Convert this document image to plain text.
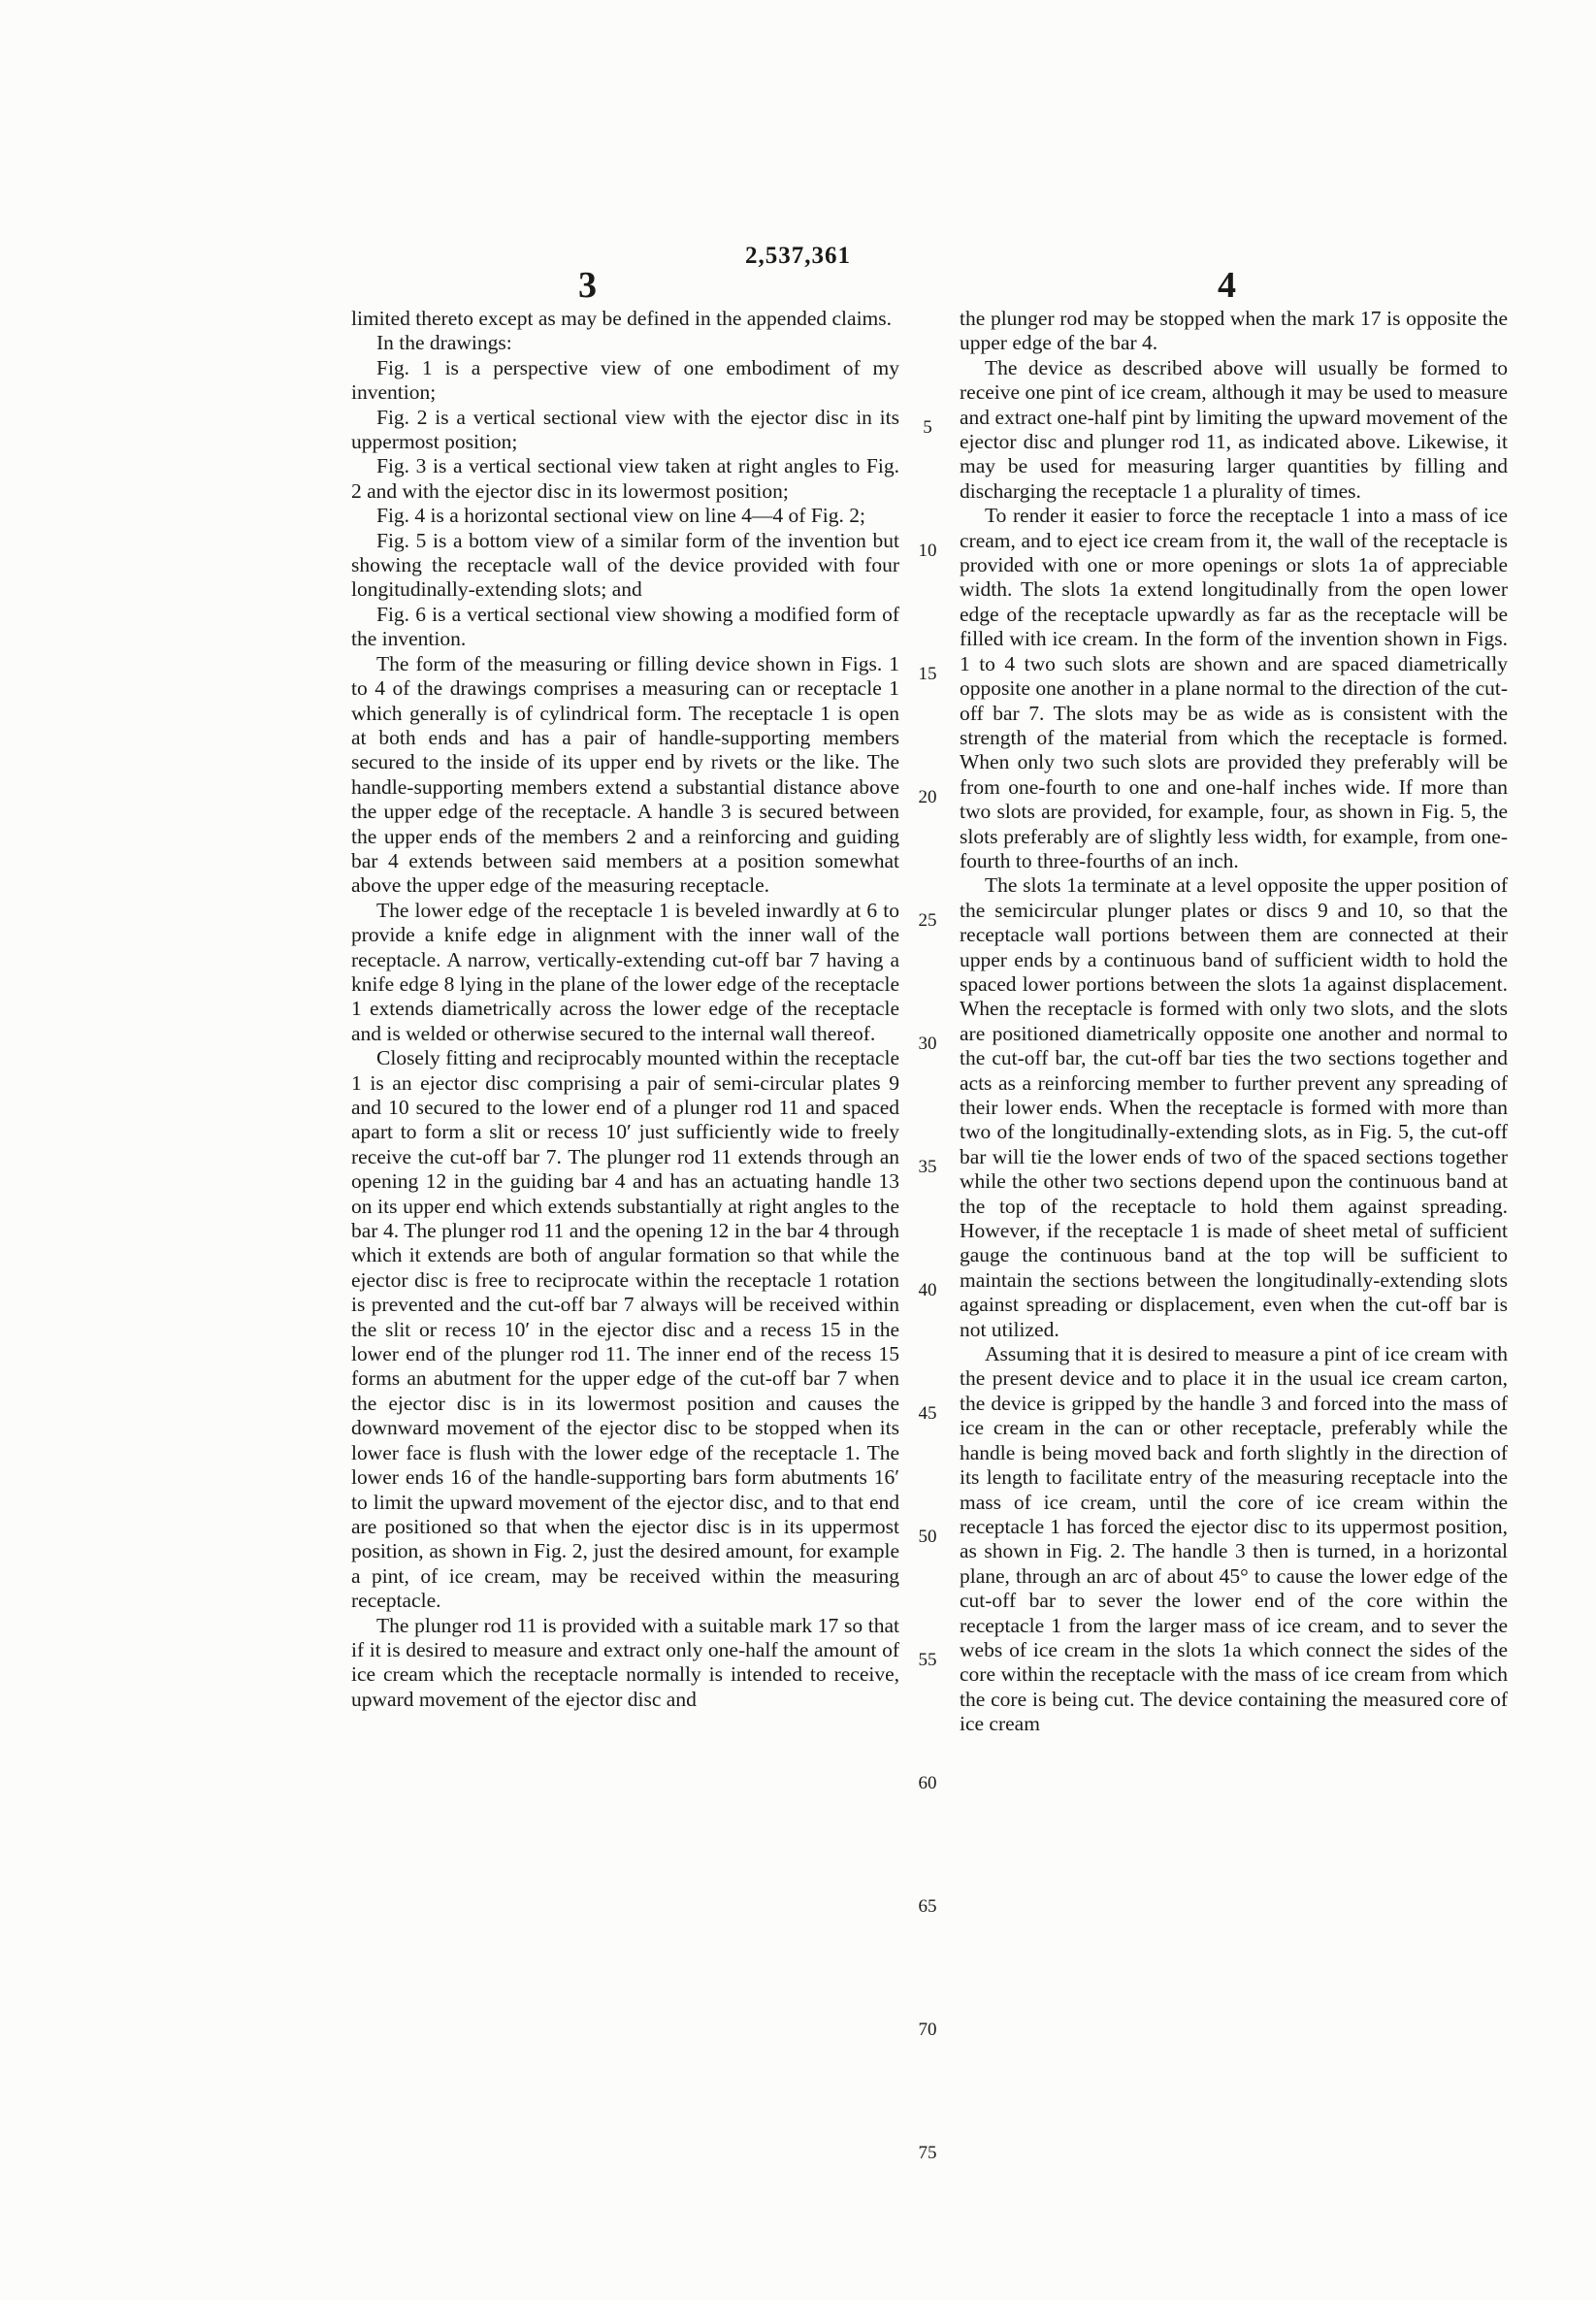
2,537,361
3	4

limited thereto except as may be defined in the appended claims.

In the drawings:

Fig. 1 is a perspective view of one embodiment of my invention;

Fig. 2 is a vertical sectional view with the ejector disc in its uppermost position;

Fig. 3 is a vertical sectional view taken at right angles to Fig. 2 and with the ejector disc in its lowermost position;

Fig. 4 is a horizontal sectional view on line 4—4 of Fig. 2;

Fig. 5 is a bottom view of a similar form of the invention but showing the receptacle wall of the device provided with four longitudinally-extending slots; and

Fig. 6 is a vertical sectional view showing a modified form of the invention.

The form of the measuring or filling device shown in Figs. 1 to 4 of the drawings comprises a measuring can or receptacle 1 which generally is of cylindrical form. The receptacle 1 is open at both ends and has a pair of handle-supporting members secured to the inside of its upper end by rivets or the like. The handle-supporting members extend a substantial distance above the upper edge of the receptacle. A handle 3 is secured between the upper ends of the members 2 and a reinforcing and guiding bar 4 extends between said members at a position somewhat above the upper edge of the measuring receptacle.

The lower edge of the receptacle 1 is beveled inwardly at 6 to provide a knife edge in alignment with the inner wall of the receptacle. A narrow, vertically-extending cut-off bar 7 having a knife edge 8 lying in the plane of the lower edge of the receptacle 1 extends diametrically across the lower edge of the receptacle and is welded or otherwise secured to the internal wall thereof.

Closely fitting and reciprocably mounted within the receptacle 1 is an ejector disc comprising a pair of semi-circular plates 9 and 10 secured to the lower end of a plunger rod 11 and spaced apart to form a slit or recess 10′ just sufficiently wide to freely receive the cut-off bar 7. The plunger rod 11 extends through an opening 12 in the guiding bar 4 and has an actuating handle 13 on its upper end which extends substantially at right angles to the bar 4. The plunger rod 11 and the opening 12 in the bar 4 through which it extends are both of angular formation so that while the ejector disc is free to reciprocate within the receptacle 1 rotation is prevented and the cut-off bar 7 always will be received within the slit or recess 10′ in the ejector disc and a recess 15 in the lower end of the plunger rod 11. The inner end of the recess 15 forms an abutment for the upper edge of the cut-off bar 7 when the ejector disc is in its lowermost position and causes the downward movement of the ejector disc to be stopped when its lower face is flush with the lower edge of the receptacle 1. The lower ends 16 of the handle-supporting bars form abutments 16′ to limit the upward movement of the ejector disc, and to that end are positioned so that when the ejector disc is in its uppermost position, as shown in Fig. 2, just the desired amount, for example a pint, of ice cream, may be received within the measuring receptacle.

The plunger rod 11 is provided with a suitable mark 17 so that if it is desired to measure and extract only one-half the amount of ice cream which the receptacle normally is intended to receive, upward movement of the ejector disc and

5
10
15
20
25
30
35
40
45
50
55
60
65
70
75

the plunger rod may be stopped when the mark 17 is opposite the upper edge of the bar 4.

The device as described above will usually be formed to receive one pint of ice cream, although it may be used to measure and extract one-half pint by limiting the upward movement of the ejector disc and plunger rod 11, as indicated above. Likewise, it may be used for measuring larger quantities by filling and discharging the receptacle 1 a plurality of times.

To render it easier to force the receptacle 1 into a mass of ice cream, and to eject ice cream from it, the wall of the receptacle is provided with one or more openings or slots 1a of appreciable width. The slots 1a extend longitudinally from the open lower edge of the receptacle upwardly as far as the receptacle will be filled with ice cream. In the form of the invention shown in Figs. 1 to 4 two such slots are shown and are spaced diametrically opposite one another in a plane normal to the direction of the cut-off bar 7. The slots may be as wide as is consistent with the strength of the material from which the receptacle is formed. When only two such slots are provided they preferably will be from one-fourth to one and one-half inches wide. If more than two slots are provided, for example, four, as shown in Fig. 5, the slots preferably are of slightly less width, for example, from one-fourth to three-fourths of an inch.

The slots 1a terminate at a level opposite the upper position of the semicircular plunger plates or discs 9 and 10, so that the receptacle wall portions between them are connected at their upper ends by a continuous band of sufficient width to hold the spaced lower portions between the slots 1a against displacement. When the receptacle is formed with only two slots, and the slots are positioned diametrically opposite one another and normal to the cut-off bar, the cut-off bar ties the two sections together and acts as a reinforcing member to further prevent any spreading of their lower ends. When the receptacle is formed with more than two of the longitudinally-extending slots, as in Fig. 5, the cut-off bar will tie the lower ends of two of the spaced sections together while the other two sections depend upon the continuous band at the top of the receptacle to hold them against spreading. However, if the receptacle 1 is made of sheet metal of sufficient gauge the continuous band at the top will be sufficient to maintain the sections between the longitudinally-extending slots against spreading or displacement, even when the cut-off bar is not utilized.

Assuming that it is desired to measure a pint of ice cream with the present device and to place it in the usual ice cream carton, the device is gripped by the handle 3 and forced into the mass of ice cream in the can or other receptacle, preferably while the handle is being moved back and forth slightly in the direction of its length to facilitate entry of the measuring receptacle into the mass of ice cream, until the core of ice cream within the receptacle 1 has forced the ejector disc to its uppermost position, as shown in Fig. 2. The handle 3 then is turned, in a horizontal plane, through an arc of about 45° to cause the lower edge of the cut-off bar to sever the lower end of the core within the receptacle 1 from the larger mass of ice cream, and to sever the webs of ice cream in the slots 1a which connect the sides of the core within the receptacle with the mass of ice cream from which the core is being cut. The device containing the measured core of ice cream
